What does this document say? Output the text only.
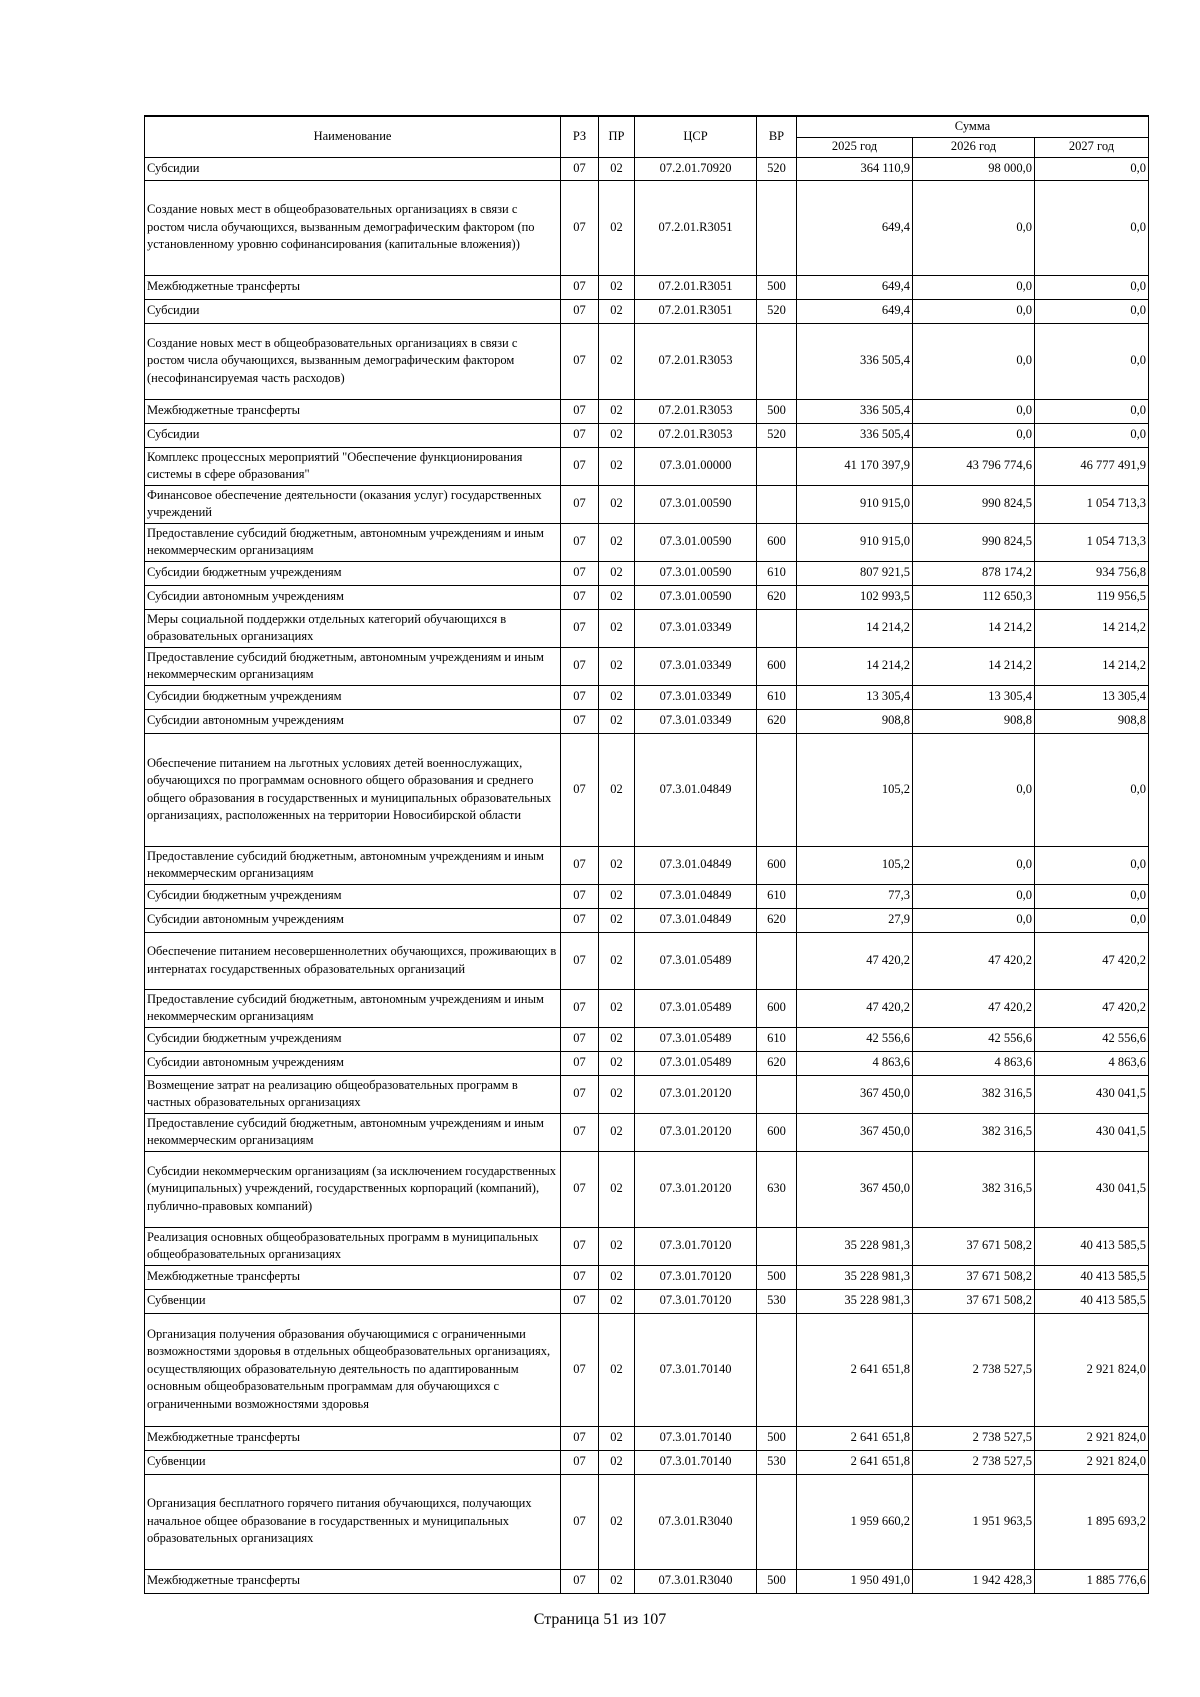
Наименование	РЗ	ПР	ЦСР	ВР	Сумма		
					2025 год	2026 год	2027 год
Субсидии	07	02	07.2.01.70920	520	364 110,9	98 000,0	0,0
Создание новых мест в общеобразовательных организациях в связи с ростом числа обучающихся, вызванным демографическим фактором (по установленному уровню софинансирования (капитальные вложения))	07	02	07.2.01.R3051		649,4	0,0	0,0
Межбюджетные трансферты	07	02	07.2.01.R3051	500	649,4	0,0	0,0
Субсидии	07	02	07.2.01.R3051	520	649,4	0,0	0,0
Создание новых мест в общеобразовательных организациях в связи с ростом числа обучающихся, вызванным демографическим фактором (несофинансируемая часть расходов)	07	02	07.2.01.R3053		336 505,4	0,0	0,0
Межбюджетные трансферты	07	02	07.2.01.R3053	500	336 505,4	0,0	0,0
Субсидии	07	02	07.2.01.R3053	520	336 505,4	0,0	0,0
Комплекс процессных мероприятий "Обеспечение функционирования системы в сфере образования"	07	02	07.3.01.00000		41 170 397,9	43 796 774,6	46 777 491,9
Финансовое обеспечение деятельности (оказания услуг) государственных учреждений	07	02	07.3.01.00590		910 915,0	990 824,5	1 054 713,3
Предоставление субсидий бюджетным, автономным учреждениям и иным некоммерческим организациям	07	02	07.3.01.00590	600	910 915,0	990 824,5	1 054 713,3
Субсидии бюджетным учреждениям	07	02	07.3.01.00590	610	807 921,5	878 174,2	934 756,8
Субсидии автономным учреждениям	07	02	07.3.01.00590	620	102 993,5	112 650,3	119 956,5
Меры социальной поддержки отдельных категорий обучающихся в образовательных организациях	07	02	07.3.01.03349		14 214,2	14 214,2	14 214,2
Предоставление субсидий бюджетным, автономным учреждениям и иным некоммерческим организациям	07	02	07.3.01.03349	600	14 214,2	14 214,2	14 214,2
Субсидии бюджетным учреждениям	07	02	07.3.01.03349	610	13 305,4	13 305,4	13 305,4
Субсидии автономным учреждениям	07	02	07.3.01.03349	620	908,8	908,8	908,8
Обеспечение питанием на льготных условиях детей военнослужащих, обучающихся по программам основного общего образования и среднего общего образования в государственных и муниципальных образовательных организациях, расположенных на территории Новосибирской области	07	02	07.3.01.04849		105,2	0,0	0,0
Предоставление субсидий бюджетным, автономным учреждениям и иным некоммерческим организациям	07	02	07.3.01.04849	600	105,2	0,0	0,0
Субсидии бюджетным учреждениям	07	02	07.3.01.04849	610	77,3	0,0	0,0
Субсидии автономным учреждениям	07	02	07.3.01.04849	620	27,9	0,0	0,0
Обеспечение питанием несовершеннолетних обучающихся, проживающих в интернатах государственных образовательных организаций	07	02	07.3.01.05489		47 420,2	47 420,2	47 420,2
Предоставление субсидий бюджетным, автономным учреждениям и иным некоммерческим организациям	07	02	07.3.01.05489	600	47 420,2	47 420,2	47 420,2
Субсидии бюджетным учреждениям	07	02	07.3.01.05489	610	42 556,6	42 556,6	42 556,6
Субсидии автономным учреждениям	07	02	07.3.01.05489	620	4 863,6	4 863,6	4 863,6
Возмещение затрат на реализацию общеобразовательных программ в частных образовательных организациях	07	02	07.3.01.20120		367 450,0	382 316,5	430 041,5
Предоставление субсидий бюджетным, автономным учреждениям и иным некоммерческим организациям	07	02	07.3.01.20120	600	367 450,0	382 316,5	430 041,5
Субсидии некоммерческим организациям (за исключением государственных (муниципальных) учреждений, государственных корпораций (компаний), публично-правовых компаний)	07	02	07.3.01.20120	630	367 450,0	382 316,5	430 041,5
Реализация основных общеобразовательных программ в муниципальных общеобразовательных организациях	07	02	07.3.01.70120		35 228 981,3	37 671 508,2	40 413 585,5
Межбюджетные трансферты	07	02	07.3.01.70120	500	35 228 981,3	37 671 508,2	40 413 585,5
Субвенции	07	02	07.3.01.70120	530	35 228 981,3	37 671 508,2	40 413 585,5
Организация получения образования обучающимися с ограниченными возможностями здоровья в отдельных общеобразовательных организациях, осуществляющих образовательную деятельность по адаптированным основным общеобразовательным программам для обучающихся с ограниченными возможностями здоровья	07	02	07.3.01.70140		2 641 651,8	2 738 527,5	2 921 824,0
Межбюджетные трансферты	07	02	07.3.01.70140	500	2 641 651,8	2 738 527,5	2 921 824,0
Субвенции	07	02	07.3.01.70140	530	2 641 651,8	2 738 527,5	2 921 824,0
Организация бесплатного горячего питания обучающихся, получающих начальное общее образование в государственных и муниципальных образовательных организациях	07	02	07.3.01.R3040		1 959 660,2	1 951 963,5	1 895 693,2
Межбюджетные трансферты	07	02	07.3.01.R3040	500	1 950 491,0	1 942 428,3	1 885 776,6
Страница 51 из 107
